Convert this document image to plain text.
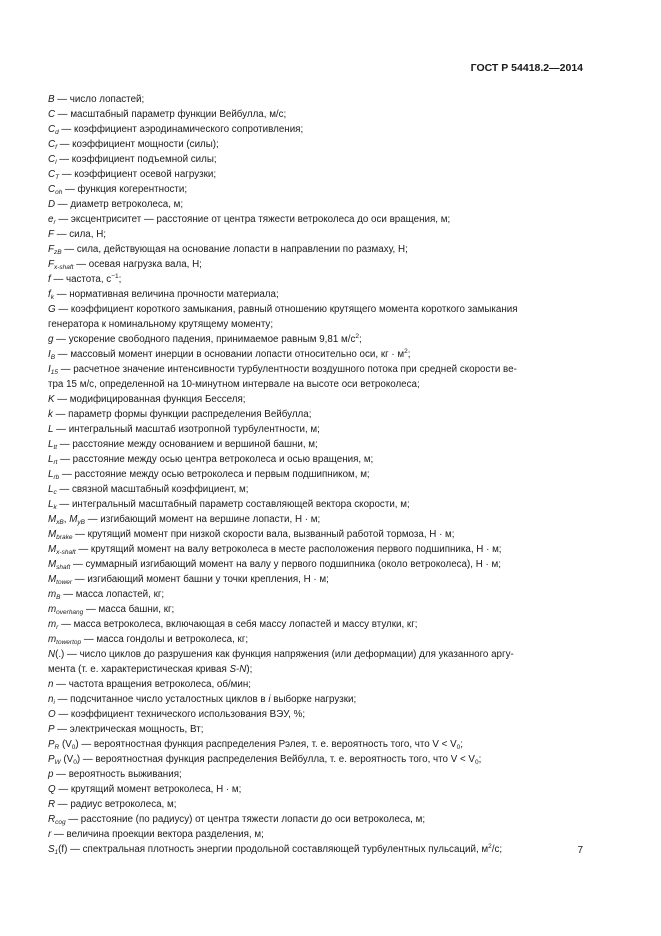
ГОСТ Р 54418.2—2014
B — число лопастей;
C — масштабный параметр функции Вейбулла, м/с;
$C_d$ — коэффициент аэродинамического сопротивления;
$C_f$ — коэффициент мощности (силы);
$C_l$ — коэффициент подъемной силы;
$C_T$ — коэффициент осевой нагрузки;
$C_{oh}$ — функция когерентности;
D — диаметр ветроколеса, м;
$e_r$ — эксцентриситет — расстояние от центра тяжести ветроколеса до оси вращения, м;
F — сила, Н;
$F_{zB}$ — сила, действующая на основание лопасти в направлении по размаху, Н;
$F_{x-shaft}$ — осевая нагрузка вала, Н;
f — частота, $с^{-1}$;
$f_k$ — нормативная величина прочности материала;
G — коэффициент короткого замыкания, равный отношению крутящего момента короткого замыкания
генератора к номинальному крутящему моменту;
g — ускорение свободного падения, принимаемое равным 9,81 $м/с^2$;
$I_B$ — массовый момент инерции в основании лопасти относительно оси, кг · $м^2$;
$I_{15}$ — расчетное значение интенсивности турбулентности воздушного потока при средней скорости ве-
тра 15 м/с, определенной на 10-минутном интервале на высоте оси ветроколеса;
K — модифицированная функция Бесселя;
k — параметр формы функции распределения Вейбулла;
L — интегральный масштаб изотропной турбулентности, м;
$L_{tt}$ — расстояние между основанием и вершиной башни, м;
$L_{rt}$ — расстояние между осью центра ветроколеса и осью вращения, м;
$L_{rb}$ — расстояние между осью ветроколеса и первым подшипником, м;
$L_c$ — связной масштабный коэффициент, м;
$L_k$ — интегральный масштабный параметр составляющей вектора скорости, м;
$M_{xB}$, $M_{yB}$ — изгибающий момент на вершине лопасти, Н · м;
$M_{brake}$ — крутящий момент при низкой скорости вала, вызванный работой тормоза, Н · м;
$M_{x-shaft}$ — крутящий момент на валу ветроколеса в месте расположения первого подшипника, Н · м;
$M_{shaft}$ — суммарный изгибающий момент на валу у первого подшипника (около ветроколеса), Н · м;
$M_{tower}$ — изгибающий момент башни у точки крепления, Н · м;
$m_B$ — масса лопастей, кг;
$m_{overhang}$ — масса башни, кг;
$m_r$ — масса ветроколеса, включающая в себя массу лопастей и массу втулки, кг;
$m_{towertop}$ — масса гондолы и ветроколеса, кг;
N(.) — число циклов до разрушения как функция напряжения (или деформации) для указанного аргу-
мента (т. е. характеристическая кривая S-N);
n — частота вращения ветроколеса, об/мин;
$n_i$ — подсчитанное число усталостных циклов в i выборке нагрузки;
O — коэффициент технического использования ВЭУ, %;
P — электрическая мощность, Вт;
$P_R$ $(V_0)$ — вероятностная функция распределения Рэлея, т. е. вероятность того, что $V < V_0$;
$P_W$ $(V_0)$ — вероятностная функция распределения Вейбулла, т. е. вероятность того, что $V < V_0$;
p — вероятность выживания;
Q — крутящий момент ветроколеса, Н · м;
R — радиус ветроколеса, м;
$R_{cog}$ — расстояние (по радиусу) от центра тяжести лопасти до оси ветроколеса, м;
r — величина проекции вектора разделения, м;
$S_1(f)$ — спектральная плотность энергии продольной составляющей турбулентных пульсаций, $м^2/с$;	7
